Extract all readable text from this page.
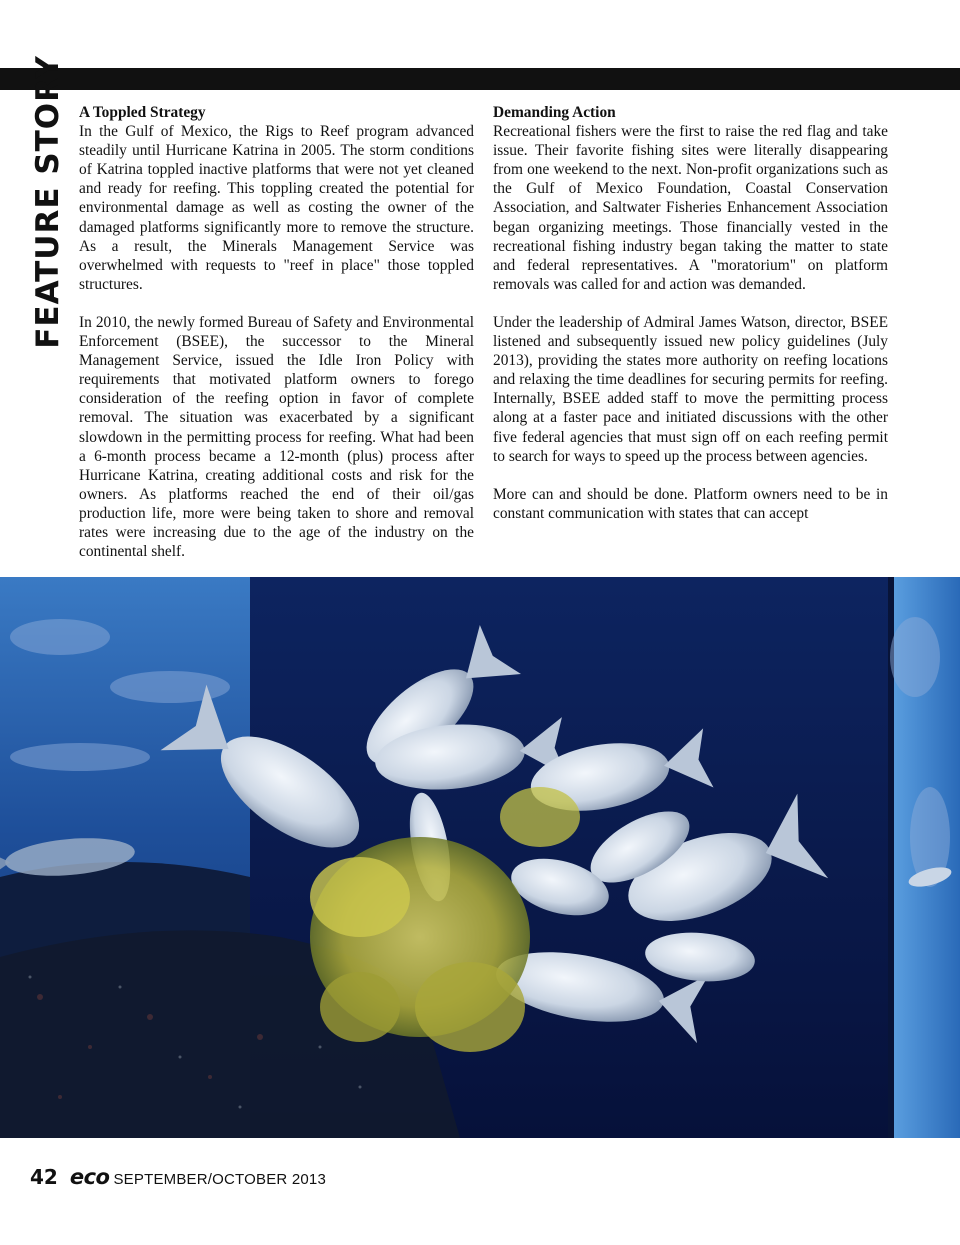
FEATURE STORY A Toppled Strategy

In the Gulf of Mexico, the Rigs to Reef program advanced steadily until Hurricane Katrina in 2005. The storm conditions of Katrina toppled inactive platforms that were not yet cleaned and ready for reefing. This toppling created the potential for environmental damage as well as costing the owner of the damaged platforms significantly more to remove the structure. As a result, the Minerals Management Service was overwhelmed with requests to "reef in place" those toppled structures.

In 2010, the newly formed Bureau of Safety and Environmental Enforcement (BSEE), the successor to the Mineral Management Service, issued the Idle Iron Policy with requirements that motivated platform owners to forego consideration of the reefing option in favor of complete removal. The situation was exacerbated by a significant slowdown in the permitting process for reefing. What had been a 6-month process became a 12-month (plus) process after Hurricane Katrina, creating additional costs and risk for the owners. As platforms reached the end of their oil/gas production life, more were being taken to shore and removal rates were increasing due to the age of the industry on the continental shelf.

Demanding Action

Recreational fishers were the first to raise the red flag and take issue. Their favorite fishing sites were literally disappearing from one weekend to the next. Non-profit organizations such as the Gulf of Mexico Foundation, Coastal Conservation Association, and Saltwater Fisheries Enhancement Association began organizing meetings. Those financially vested in the recreational fishing industry began taking the matter to state and federal representatives. A "moratorium" on platform removals was called for and action was demanded.

Under the leadership of Admiral James Watson, director, BSEE listened and subsequently issued new policy guidelines (July 2013), providing the states more authority on reefing locations and relaxing the time deadlines for securing permits for reefing. Internally, BSEE added staff to move the permitting process along at a faster pace and initiated discussions with the other five federal agencies that must sign off on each reefing permit to search for ways to speed up the process between agencies.

More can and should be done. Platform owners need to be in constant communication with states that can accept

42 eco SEPTEMBER/OCTOBER 2013
